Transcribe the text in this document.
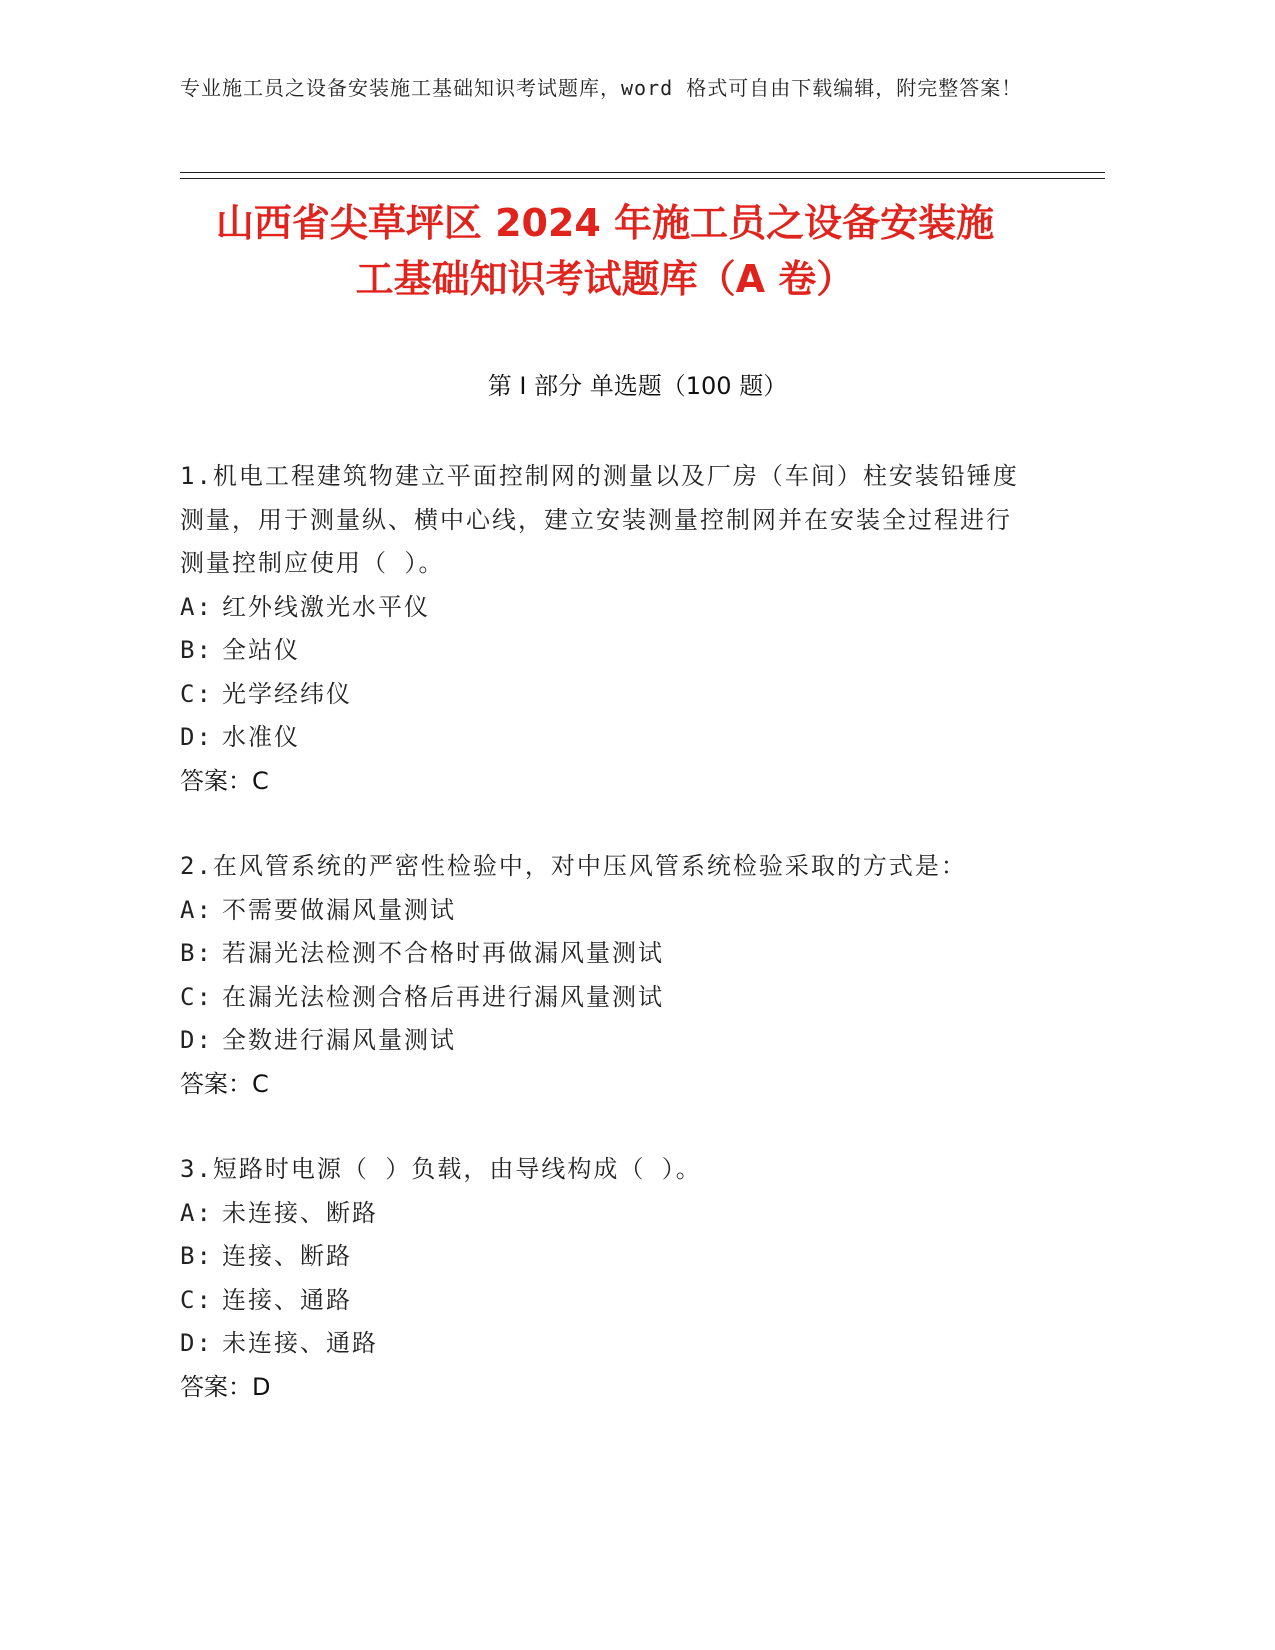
专业施工员之设备安装施工基础知识考试题库，word 格式可自由下载编辑，附完整答案！
山西省尖草坪区 2024 年施工员之设备安装施
工基础知识考试题库（A 卷）
第 I 部分 单选题（100 题）
1.机电工程建筑物建立平面控制网的测量以及厂房（车间）柱安装铅锤度测量，用于测量纵、横中心线，建立安装测量控制网并在安装全过程进行测量控制应使用（ ）。
A: 红外线激光水平仪
B: 全站仪
C: 光学经纬仪
D: 水准仪
答案：C
2.在风管系统的严密性检验中，对中压风管系统检验采取的方式是：
A: 不需要做漏风量测试
B: 若漏光法检测不合格时再做漏风量测试
C: 在漏光法检测合格后再进行漏风量测试
D: 全数进行漏风量测试
答案：C
3.短路时电源（ ）负载，由导线构成（ ）。
A: 未连接、断路
B: 连接、断路
C: 连接、通路
D: 未连接、通路
答案：D
